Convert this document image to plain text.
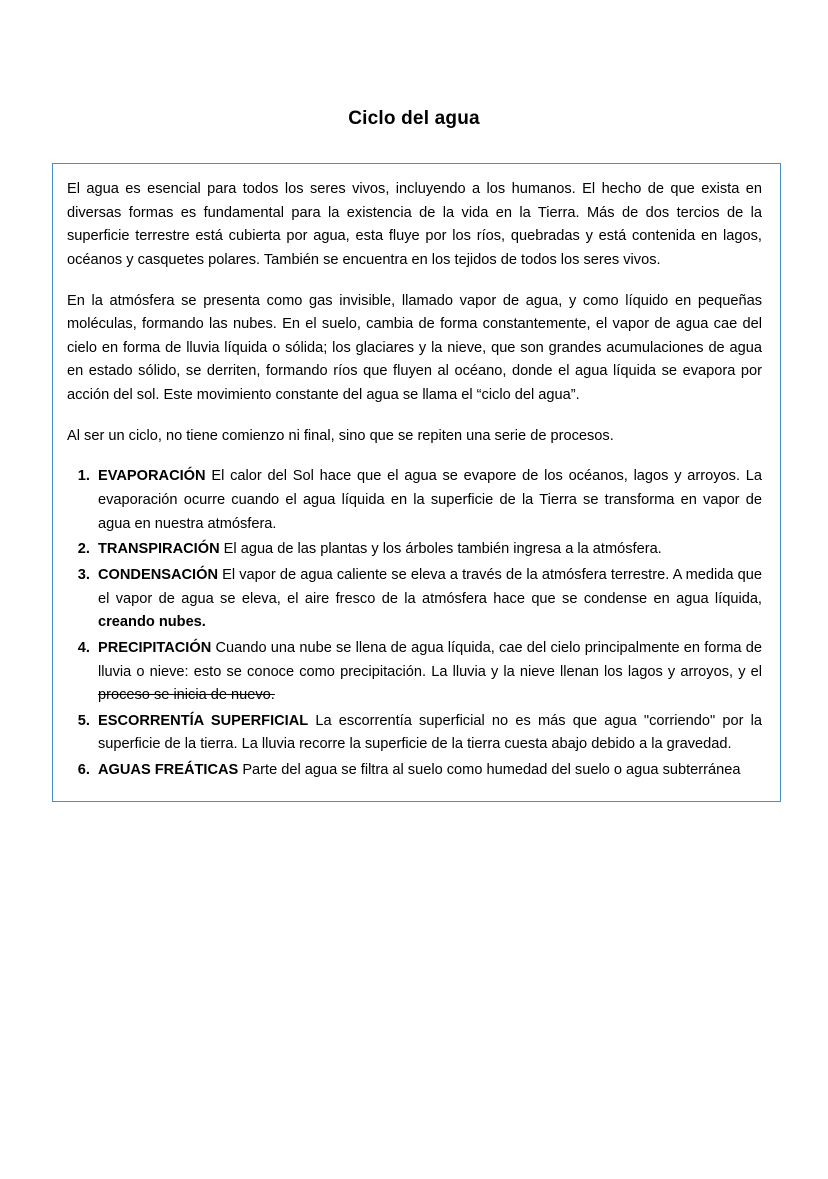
Ciclo del agua

El agua es esencial para todos los seres vivos, incluyendo a los humanos. El hecho de que exista en diversas formas es fundamental para la existencia de la vida en la Tierra. Más de dos tercios de la superficie terrestre está cubierta por agua, esta fluye por los ríos, quebradas y está contenida en lagos, océanos y casquetes polares. También se encuentra en los tejidos de todos los seres vivos.

En la atmósfera se presenta como gas invisible, llamado vapor de agua, y como líquido en pequeñas moléculas, formando las nubes. En el suelo, cambia de forma constantemente, el vapor de agua cae del cielo en forma de lluvia líquida o sólida; los glaciares y la nieve, que son grandes acumulaciones de agua en estado sólido, se derriten, formando ríos que fluyen al océano, donde el agua líquida se evapora por acción del sol. Este movimiento constante del agua se llama el “ciclo del agua”.

Al ser un ciclo, no tiene comienzo ni final, sino que se repiten una serie de procesos.

1. EVAPORACIÓN El calor del Sol hace que el agua se evapore de los océanos, lagos y arroyos. La evaporación ocurre cuando el agua líquida en la superficie de la Tierra se transforma en vapor de agua en nuestra atmósfera.
2. TRANSPIRACIÓN El agua de las plantas y los árboles también ingresa a la atmósfera.
3. CONDENSACIÓN El vapor de agua caliente se eleva a través de la atmósfera terrestre. A medida que el vapor de agua se eleva, el aire fresco de la atmósfera hace que se condense en agua líquida, creando nubes.
4. PRECIPITACIÓN Cuando una nube se llena de agua líquida, cae del cielo principalmente en forma de lluvia o nieve: esto se conoce como precipitación. La lluvia y la nieve llenan los lagos y arroyos, y el proceso se inicia de nuevo.
5. ESCORRENTÍA SUPERFICIAL La escorrentía superficial no es más que agua "corriendo" por la superficie de la tierra. La lluvia recorre la superficie de la tierra cuesta abajo debido a la gravedad.
6. AGUAS FREÁTICAS Parte del agua se filtra al suelo como humedad del suelo o agua subterránea
